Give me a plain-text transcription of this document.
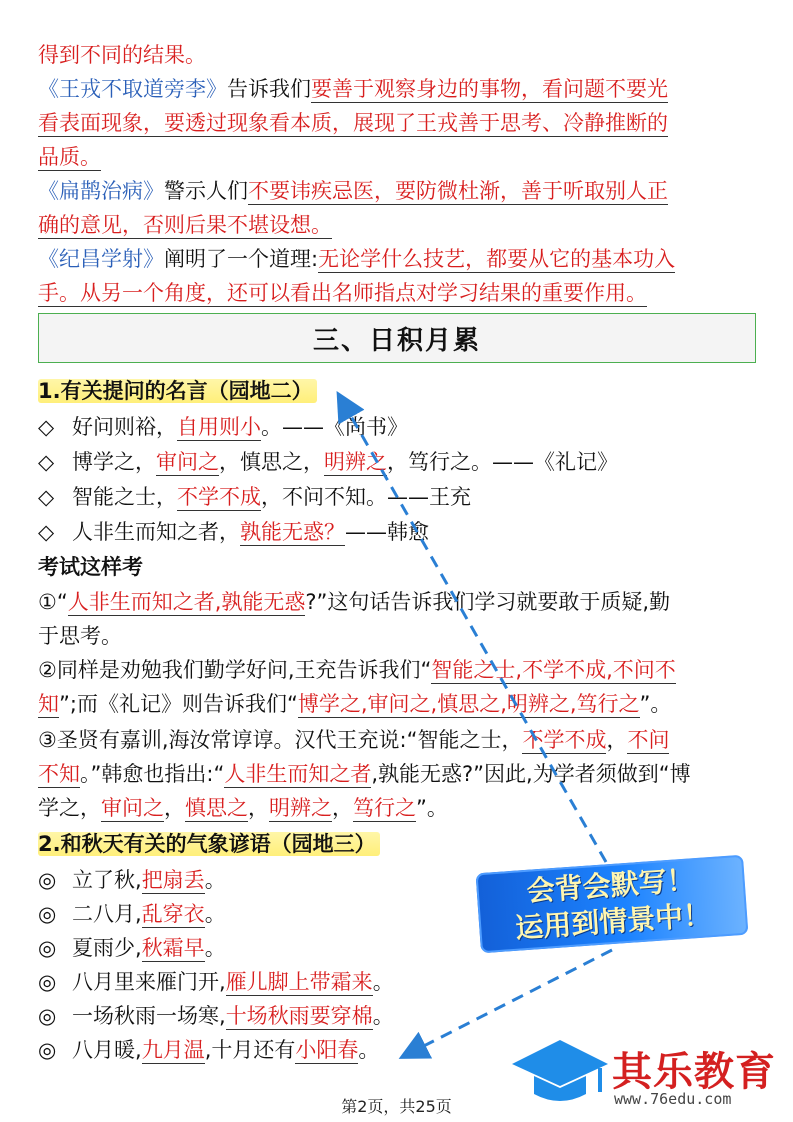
得到不同的结果。
《王戎不取道旁李》告诉我们要善于观察身边的事物，看问题不要光
看表面现象，要透过现象看本质，展现了王戎善于思考、冷静推断的
品质。
《扁鹊治病》警示人们不要讳疾忌医，要防微杜渐，善于听取别人正
确的意见，否则后果不堪设想。
《纪昌学射》阐明了一个道理:无论学什么技艺，都要从它的基本功入
手。从另一个角度，还可以看出名师指点对学习结果的重要作用。
三、日积月累
1.有关提问的名言（园地二）
◇ 好问则裕，自用则小。——《尚书》
◇ 博学之，审问之，慎思之，明辨之，笃行之。——《礼记》
◇ 智能之士，不学不成，不问不知。——王充
◇ 人非生而知之者，孰能无惑？——韩愈
考试这样考
①“人非生而知之者,孰能无惑?”这句话告诉我们学习就要敢于质疑,勤
于思考。
②同样是劝勉我们勤学好问,王充告诉我们“智能之士,不学不成,不问不
知”;而《礼记》则告诉我们“博学之,审问之,慎思之,明辨之,笃行之”。
③圣贤有嘉训,海汝常谆谆。汉代王充说:“智能之士，不学不成，不问
不知。”韩愈也指出:“人非生而知之者,孰能无惑?”因此,为学者须做到“博
学之，审问之，慎思之，明辨之，笃行之”。
2.和秋天有关的气象谚语（园地三）
◎ 立了秋,把扇丢。
◎ 二八月,乱穿衣。
◎ 夏雨少,秋霜早。
◎ 八月里来雁门开,雁儿脚上带霜来。
◎ 一场秋雨一场寒,十场秋雨要穿棉。
◎ 八月暖,九月温,十月还有小阳春。
会背会默写！
运用到情景中！
其乐教育
www.76edu.com
第2页，共25页
